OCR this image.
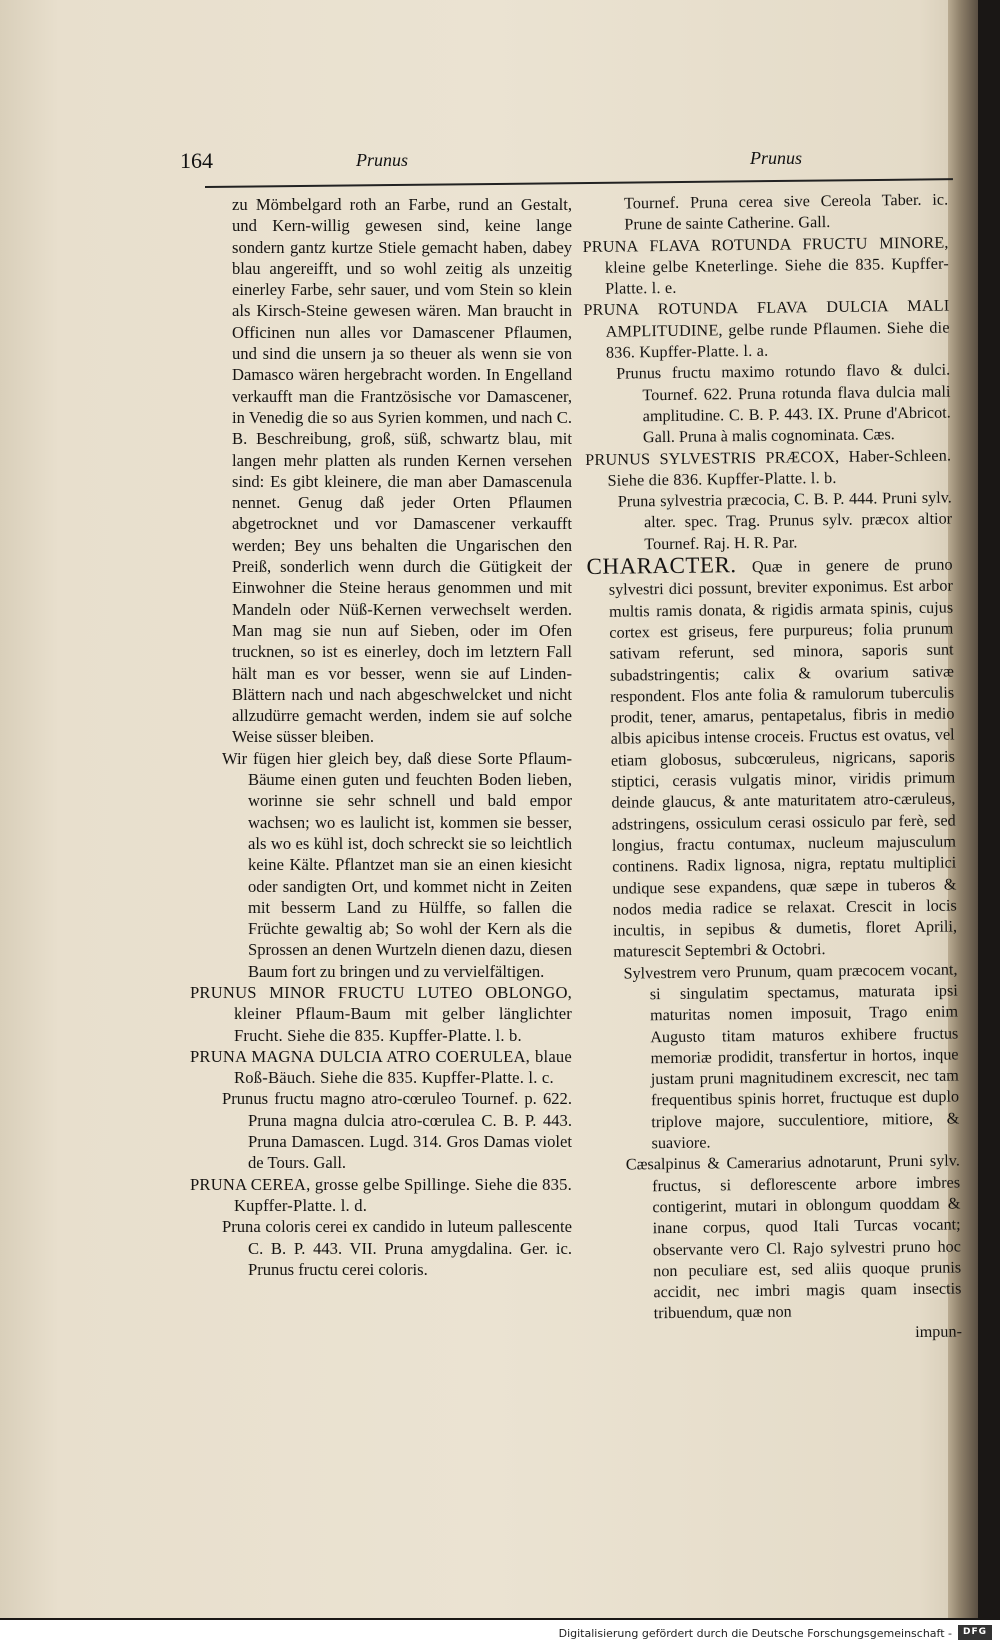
164	Prunus	Prunus

zu Mömbelgard roth an Farbe, rund an Gestalt, und Kern-willig gewesen sind, keine lange sondern gantz kurtze Stiele gemacht haben, dabey blau angereifft, und so wohl zeitig als unzeitig einerley Farbe, sehr sauer, und vom Stein so klein als Kirsch-Steine gewesen wären. Man braucht in Officinen nun alles vor Damascener Pflaumen, und sind die unsern ja so theuer als wenn sie von Damasco wären hergebracht worden. In Engelland verkaufft man die Frantzösische vor Damascener, in Venedig die so aus Syrien kommen, und nach C. B. Beschreibung, groß, süß, schwartz blau, mit langen mehr platten als runden Kernen versehen sind: Es gibt kleinere, die man aber Damascenula nennet. Genug daß jeder Orten Pflaumen abgetrocknet und vor Damascener verkaufft werden; Bey uns behalten die Ungarischen den Preiß, sonderlich wenn durch die Gütigkeit der Einwohner die Steine heraus genommen und mit Mandeln oder Nüß-Kernen verwechselt werden. Man mag sie nun auf Sieben, oder im Ofen trucknen, so ist es einerley, doch im letztern Fall hält man es vor besser, wenn sie auf Linden-Blättern nach und nach abgeschwelcket und nicht allzudürre gemacht werden, indem sie auf solche Weise süsser bleiben.

Wir fügen hier gleich bey, daß diese Sorte Pflaum-Bäume einen guten und feuchten Boden lieben, worinne sie sehr schnell und bald empor wachsen; wo es laulicht ist, kommen sie besser, als wo es kühl ist, doch schreckt sie so leichtlich keine Kälte. Pflantzet man sie an einen kiesicht oder sandigten Ort, und kommet nicht in Zeiten mit besserm Land zu Hülffe, so fallen die Früchte gewaltig ab; So wohl der Kern als die Sprossen an denen Wurtzeln dienen dazu, diesen Baum fort zu bringen und zu vervielfältigen.

PRUNUS MINOR FRUCTU LUTEO OBLONGO, kleiner Pflaum-Baum mit gelber länglichter Frucht. Siehe die 835. Kupffer-Platte. l. b.

PRUNA MAGNA DULCIA ATRO COERULEA, blaue Roß-Bäuch. Siehe die 835. Kupffer-Platte. l. c.

Prunus fructu magno atro-cœruleo Tournef. p. 622. Pruna magna dulcia atro-cœrulea C. B. P. 443. Pruna Damascen. Lugd. 314. Gros Damas violet de Tours. Gall.

PRUNA CEREA, grosse gelbe Spillinge. Siehe die 835. Kupffer-Platte. l. d.

Pruna coloris cerei ex candido in luteum pallescente C. B. P. 443. VII. Pruna amygdalina. Ger. ic. Prunus fructu cerei coloris.

Tournef. Pruna cerea sive Cereola Taber. ic. Prune de sainte Catherine. Gall.

PRUNA FLAVA ROTUNDA FRUCTU MINORE, kleine gelbe Kneterlinge. Siehe die 835. Kupffer-Platte. l. e.

PRUNA ROTUNDA FLAVA DULCIA MALI AMPLITUDINE, gelbe runde Pflaumen. Siehe die 836. Kupffer-Platte. l. a.

Prunus fructu maximo rotundo flavo & dulci. Tournef. 622. Pruna rotunda flava dulcia mali amplitudine. C. B. P. 443. IX. Prune d'Abricot. Gall. Pruna à malis cognominata. Cæs.

PRUNUS SYLVESTRIS PRÆCOX, Haber-Schleen. Siehe die 836. Kupffer-Platte. l. b.

Pruna sylvestria præcocia, C. B. P. 444. Pruni sylv. alter. spec. Trag. Prunus sylv. præcox altior Tournef. Raj. H. R. Par.

CHARACTER. Quæ in genere de pruno sylvestri dici possunt, breviter exponimus. Est arbor multis ramis donata, & rigidis armata spinis, cujus cortex est griseus, fere purpureus; folia prunum sativam referunt, sed minora, saporis sunt subadstringentis; calix & ovarium sativæ respondent. Flos ante folia & ramulorum tuberculis prodit, tener, amarus, pentapetalus, fibris in medio albis apicibus intense croceis. Fructus est ovatus, vel etiam globosus, subcœruleus, nigricans, saporis stiptici, cerasis vulgatis minor, viridis primum deinde glaucus, & ante maturitatem atro-cæruleus, adstringens, ossiculum cerasi ossiculo par ferè, sed longius, fractu contumax, nucleum majusculum continens. Radix lignosa, nigra, reptatu multiplici undique sese expandens, quæ sæpe in tuberos & nodos media radice se relaxat. Crescit in locis incultis, in sepibus & dumetis, floret Aprili, maturescit Septembri & Octobri.

Sylvestrem vero Prunum, quam præcocem vocant, si singulatim spectamus, maturata ipsi maturitas nomen imposuit, Trago enim Augusto titam maturos exhibere fructus memoriæ prodidit, transfertur in hortos, inque justam pruni magnitudinem excrescit, nec tam frequentibus spinis horret, fructuque est duplo triplove majore, succulentiore, mitiore, & suaviore.

Cæsalpinus & Camerarius adnotarunt, Pruni sylv. fructus, si deflorescente arbore imbres contigerint, mutari in oblongum quoddam & inane corpus, quod Itali Turcas vocant; observante vero Cl. Rajo sylvestri pruno hoc non peculiare est, sed aliis quoque prunis accidit, nec imbri magis quam insectis tribuendum, quæ non

impun-

Digitalisierung gefördert durch die Deutsche Forschungsgemeinschaft -	DFG
